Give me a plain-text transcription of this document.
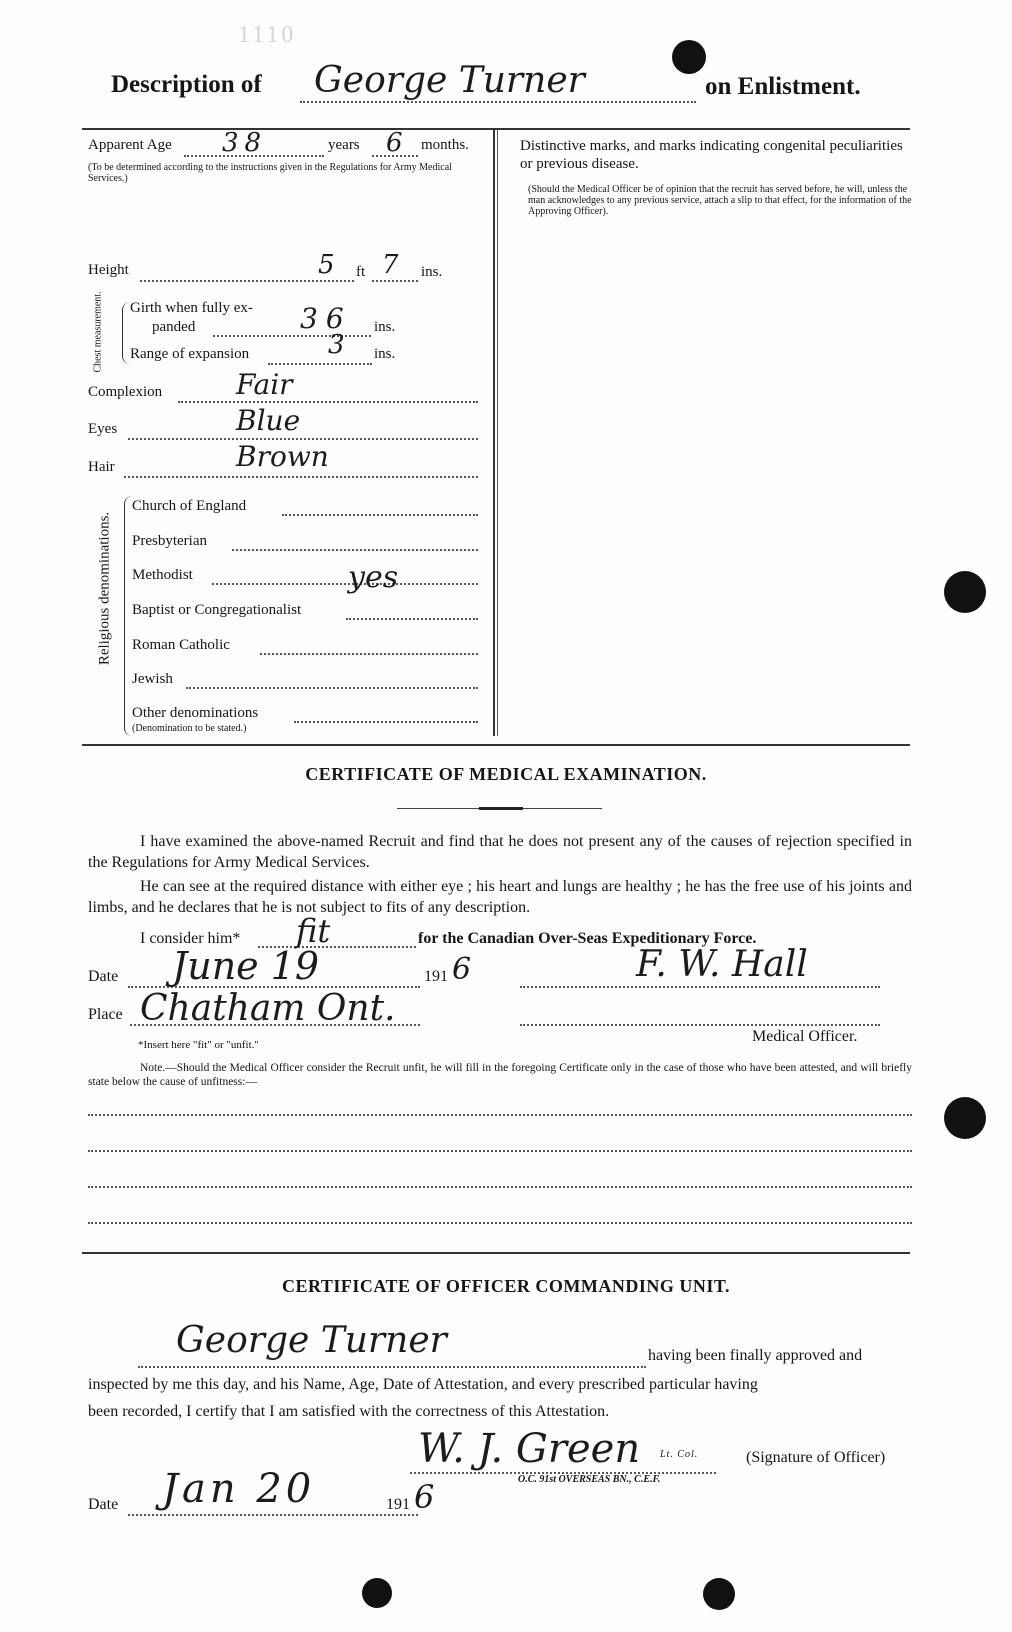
1110
Description of George Turner	on Enlistment.
Apparent Age 38	years 6 months.
(To be determined according to the instructions given in the Regulations for Army Medical Services.)
Height	5 ft 7 ins.
Chest measurement. Girth when fully ex-
panded	36 ins.
Range of expansion	3 ins.
Complexion	Fair
Eyes	Blue
Hair	Brown
Religious denominations.
Church of England
Presbyterian
Methodist	yes
Baptist or Congregationalist
Roman Catholic
Jewish
Other denominations
(Denomination to be stated.)
Distinctive marks, and marks indicating congenital peculiarities or previous disease.
(Should the Medical Officer be of opinion that the recruit has served before, he will, unless the man acknowledges to any previous service, attach a slip to that effect, for the information of the Approving Officer).
CERTIFICATE OF MEDICAL EXAMINATION.
I have examined the above-named Recruit and find that he does not present any of the causes of rejection specified in the Regulations for Army Medical Services.
He can see at the required distance with either eye ; his heart and lungs are healthy ; he has the free use of his joints and limbs, and he declares that he is not subject to fits of any description.
I consider him* fit	for the Canadian Over-Seas Expeditionary Force.
Date June 19	191 6	F. W. Hall
Place Chatham Ont.
Medical Officer.
*Insert here "fit" or "unfit."
Note.—Should the Medical Officer consider the Recruit unfit, he will fill in the foregoing Certificate only in the case of those who have been attested, and will briefly state below the cause of unfitness:—
CERTIFICATE OF OFFICER COMMANDING UNIT.
George Turner	having been finally approved and
inspected by me this day, and his Name, Age, Date of Attestation, and every prescribed particular having
been recorded, I certify that I am satisfied with the correctness of this Attestation.
W. J. Green Lt. Col.
O.C. 91st OVERSEAS BN., C.E.F.
(Signature of Officer)
Date Jan 20	191 6
